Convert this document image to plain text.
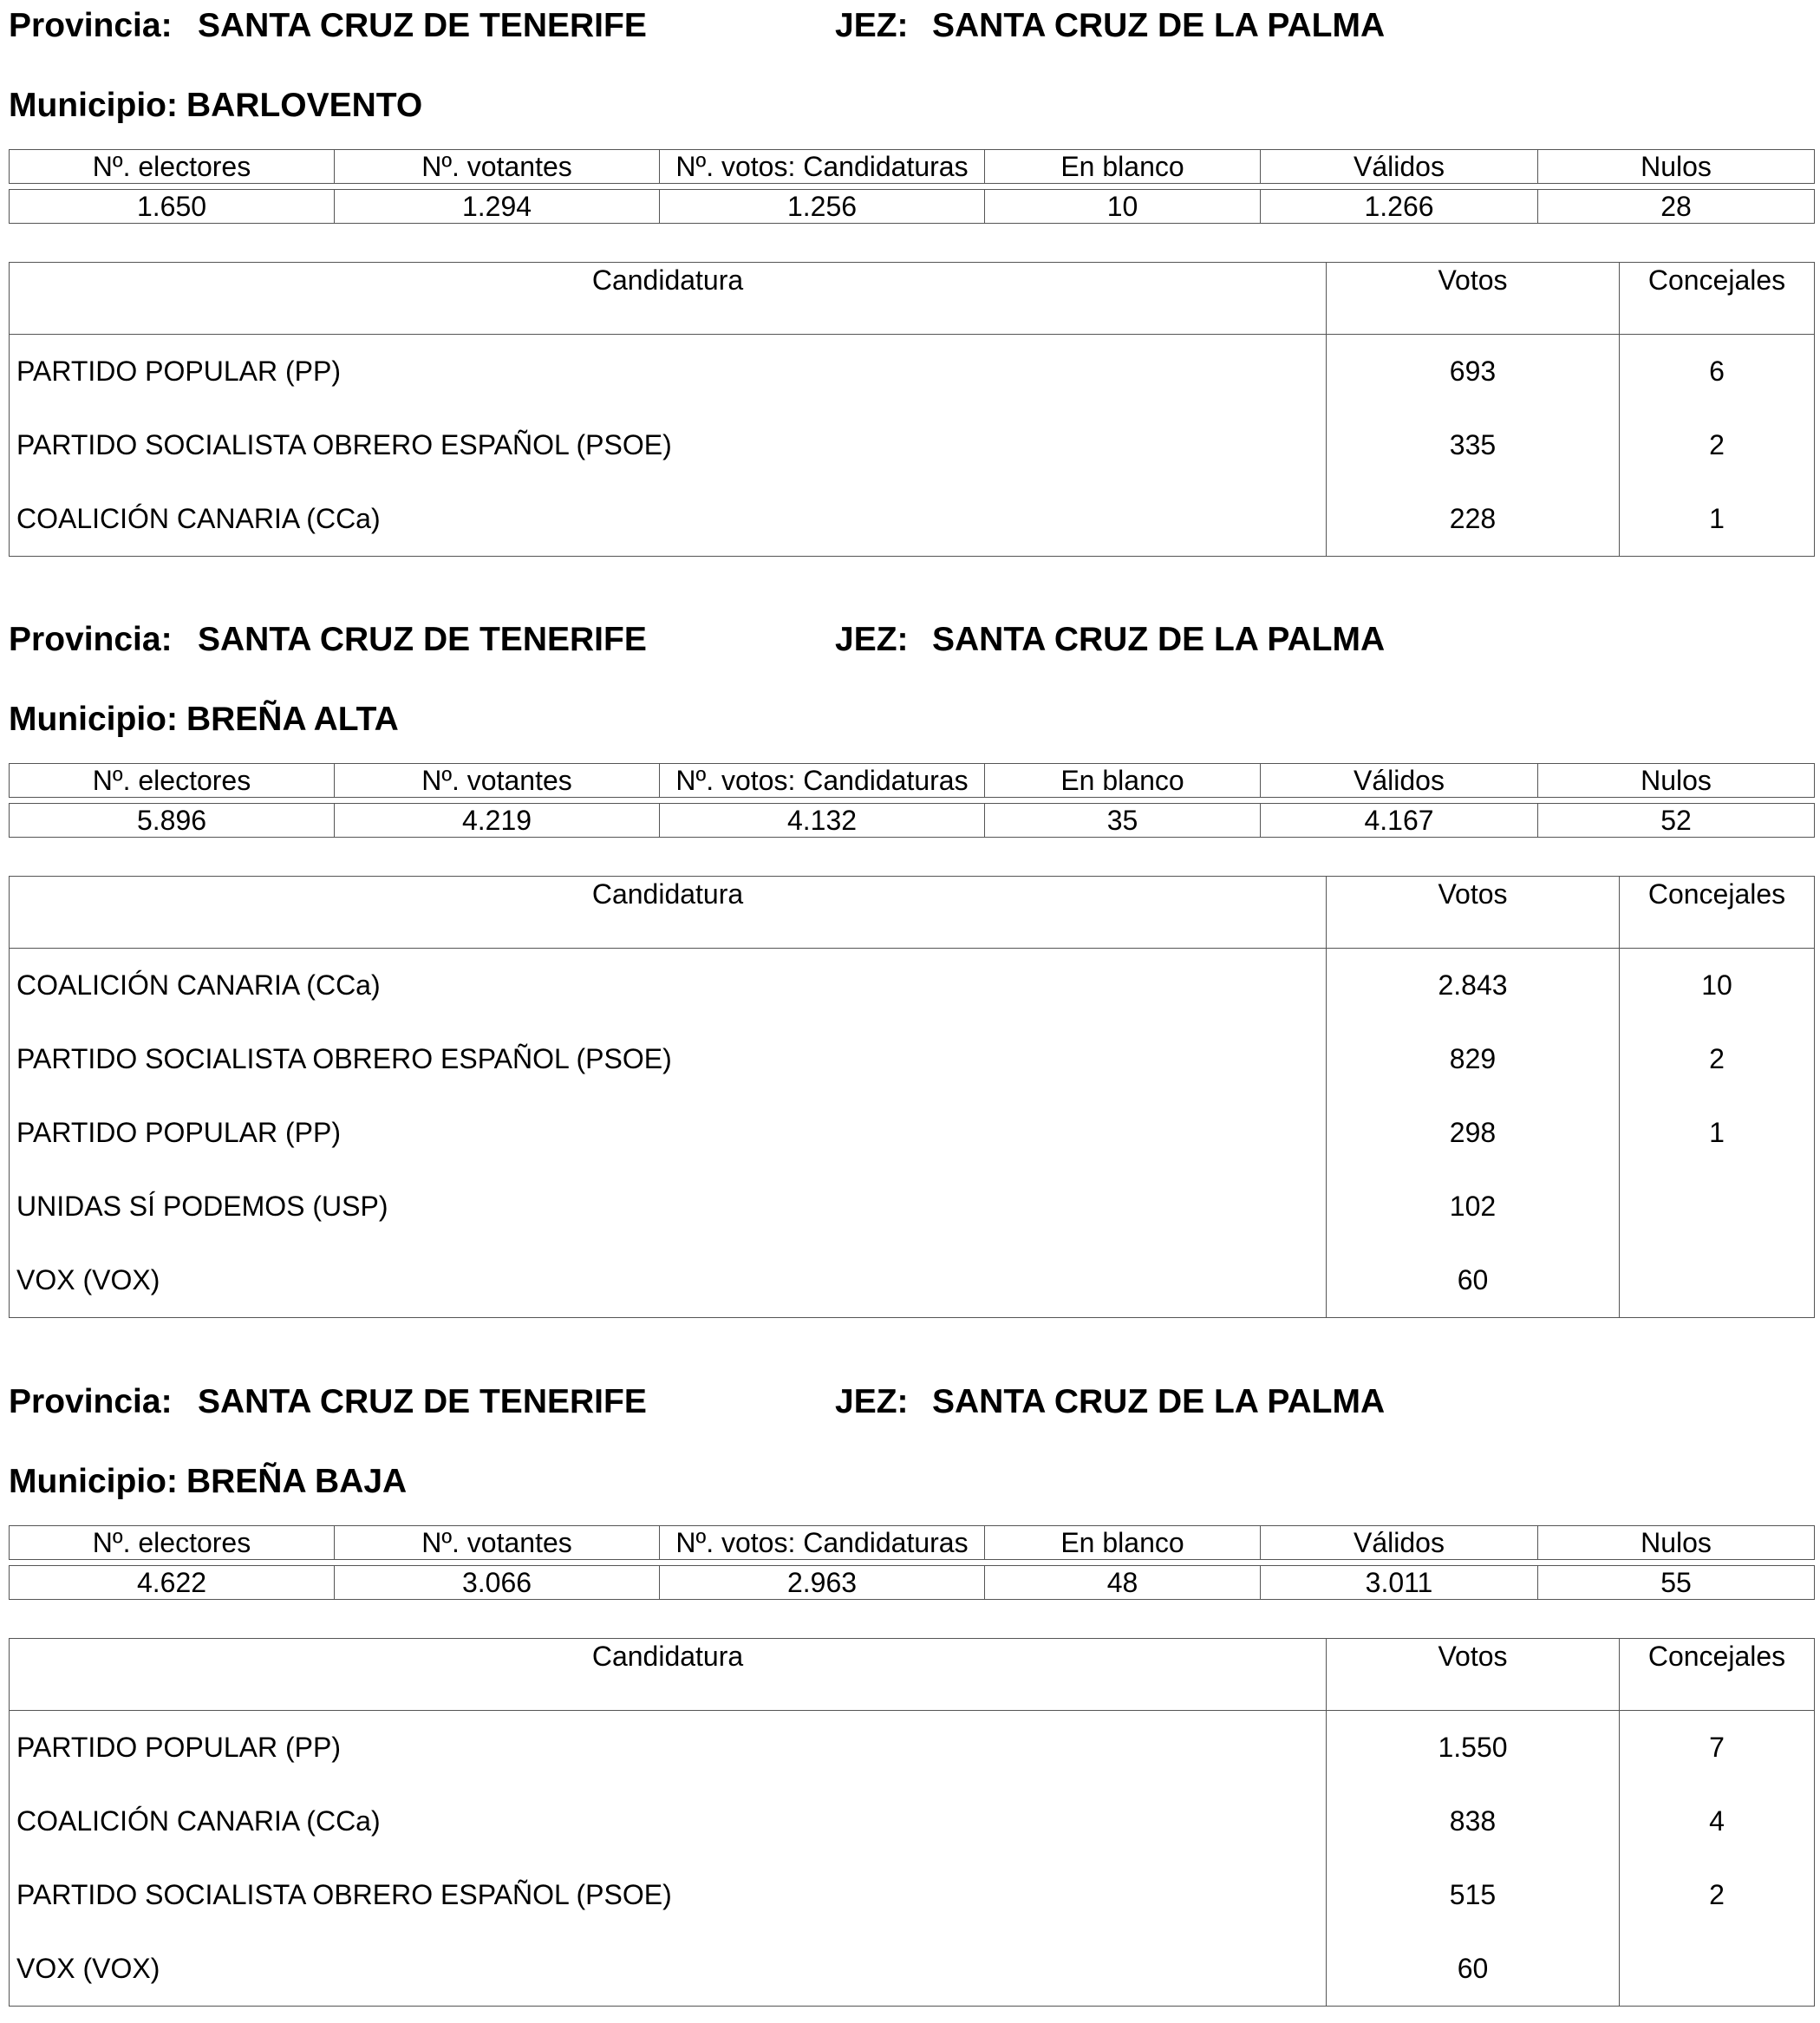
Provincia: SANTA CRUZ DE TENERIFE	JEZ: SANTA CRUZ DE LA PALMA
Municipio: BARLOVENTO
Nº. electores	Nº. votantes	Nº. votos: Candidaturas	En blanco	Válidos	Nulos

1.650	1.294	1.256	10	1.266	28
Candidatura	Votos	Concejales
PARTIDO POPULAR (PP)	693	6
PARTIDO SOCIALISTA OBRERO ESPAÑOL (PSOE)	335	2
COALICIÓN CANARIA (CCa)	228	1
Provincia: SANTA CRUZ DE TENERIFE	JEZ: SANTA CRUZ DE LA PALMA
Municipio: BREÑA ALTA
Nº. electores	Nº. votantes	Nº. votos: Candidaturas	En blanco	Válidos	Nulos

5.896	4.219	4.132	35	4.167	52
Candidatura	Votos	Concejales
COALICIÓN CANARIA (CCa)	2.843	10
PARTIDO SOCIALISTA OBRERO ESPAÑOL (PSOE)	829	2
PARTIDO POPULAR (PP)	298	1
UNIDAS SÍ PODEMOS (USP)	102	
VOX (VOX)	60	
Provincia: SANTA CRUZ DE TENERIFE	JEZ: SANTA CRUZ DE LA PALMA
Municipio: BREÑA BAJA
Nº. electores	Nº. votantes	Nº. votos: Candidaturas	En blanco	Válidos	Nulos

4.622	3.066	2.963	48	3.011	55
Candidatura	Votos	Concejales
PARTIDO POPULAR (PP)	1.550	7
COALICIÓN CANARIA (CCa)	838	4
PARTIDO SOCIALISTA OBRERO ESPAÑOL (PSOE)	515	2
VOX (VOX)	60	
